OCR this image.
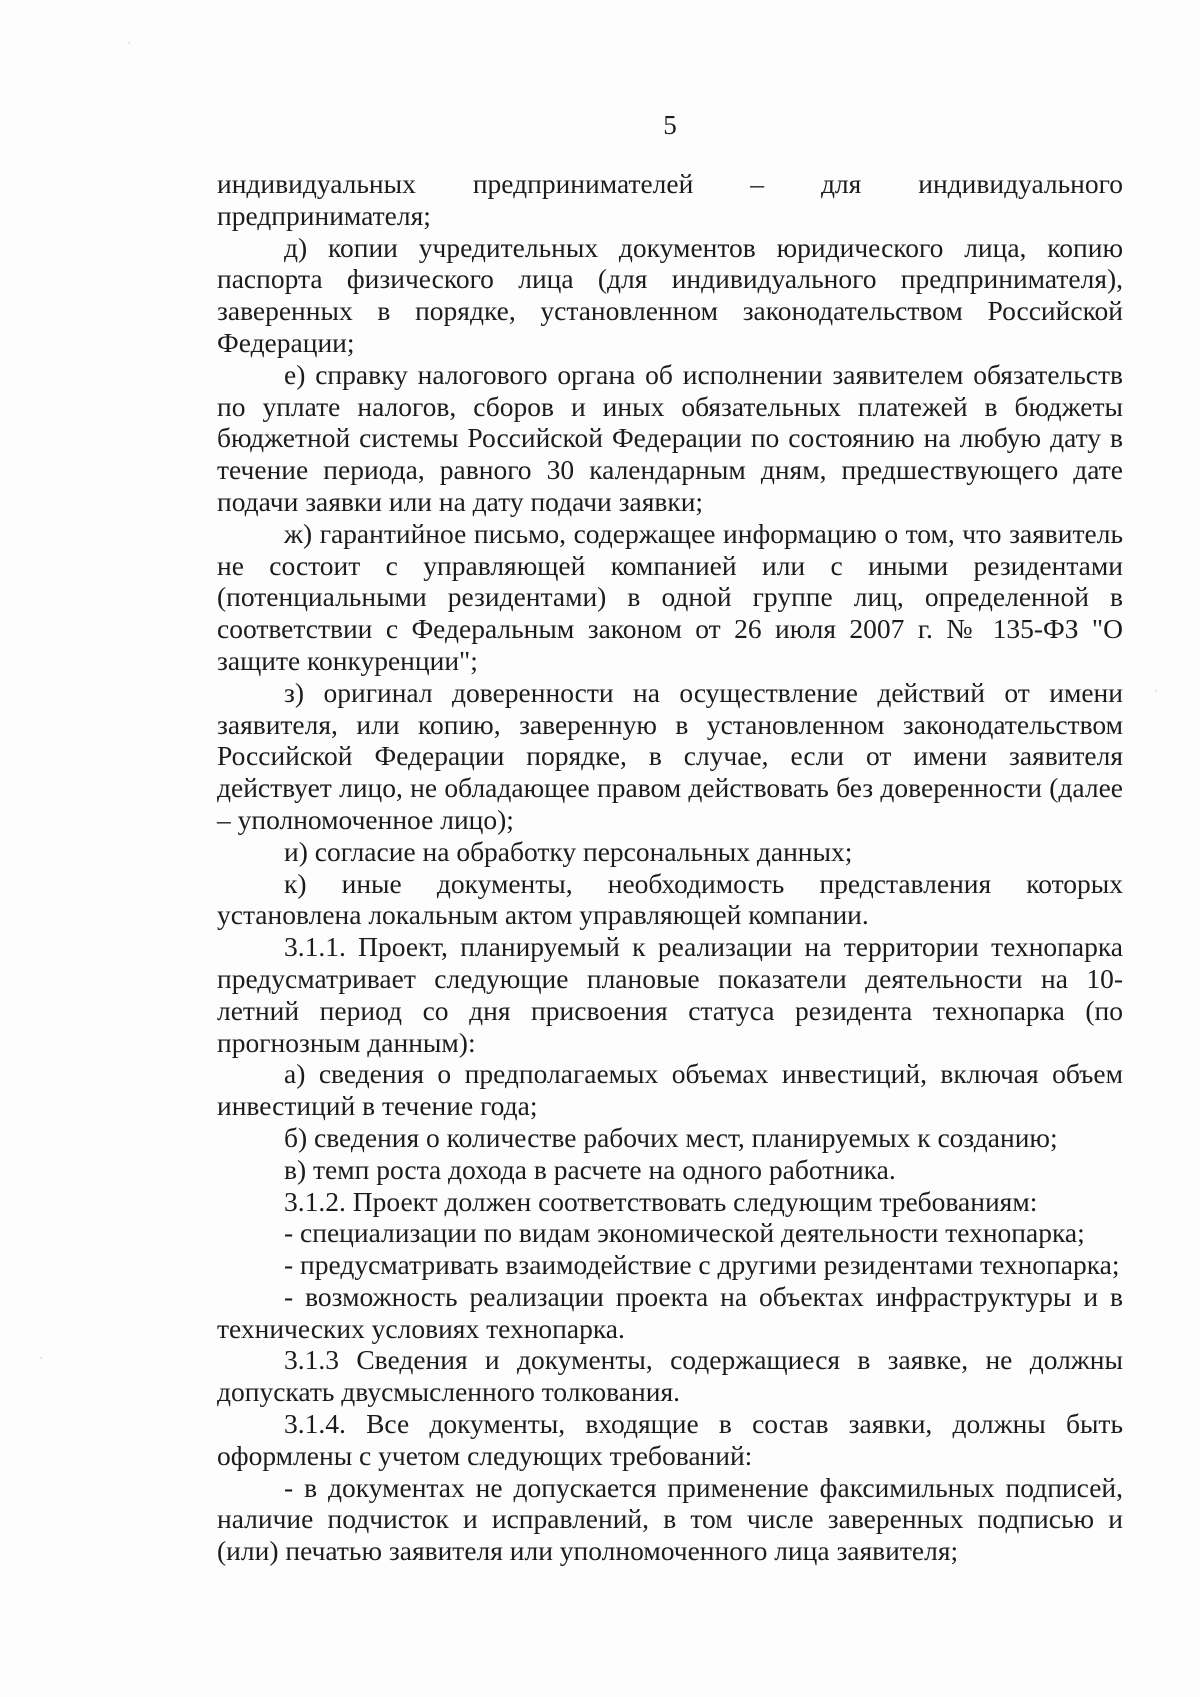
5

индивидуальных предпринимателей – для индивидуального предпринимателя;

д) копии учредительных документов юридического лица, копию паспорта физического лица (для индивидуального предпринимателя), заверенных в порядке, установленном законодательством Российской Федерации;

е) справку налогового органа об исполнении заявителем обязательств по уплате налогов, сборов и иных обязательных платежей в бюджеты бюджетной системы Российской Федерации по состоянию на любую дату в течение периода, равного 30 календарным дням, предшествующего дате подачи заявки или на дату подачи заявки;

ж) гарантийное письмо, содержащее информацию о том, что заявитель не состоит с управляющей компанией или с иными резидентами (потенциальными резидентами) в одной группе лиц, определенной в соответствии с Федеральным законом от 26 июля 2007 г. № 135-ФЗ "О защите конкуренции";

з) оригинал доверенности на осуществление действий от имени заявителя, или копию, заверенную в установленном законодательством Российской Федерации порядке, в случае, если от имени заявителя действует лицо, не обладающее правом действовать без доверенности (далее – уполномоченное лицо);

и) согласие на обработку персональных данных;

к) иные документы, необходимость представления которых установлена локальным актом управляющей компании.

3.1.1. Проект, планируемый к реализации на территории технопарка предусматривает следующие плановые показатели деятельности на 10-летний период со дня присвоения статуса резидента технопарка (по прогнозным данным):

а) сведения о предполагаемых объемах инвестиций, включая объем инвестиций в течение года;

б) сведения о количестве рабочих мест, планируемых к созданию;

в) темп роста дохода в расчете на одного работника.

3.1.2. Проект должен соответствовать следующим требованиям:

- специализации по видам экономической деятельности технопарка;

- предусматривать взаимодействие с другими резидентами технопарка;

- возможность реализации проекта на объектах инфраструктуры и в технических условиях технопарка.

3.1.3 Сведения и документы, содержащиеся в заявке, не должны допускать двусмысленного толкования.

3.1.4. Все документы, входящие в состав заявки, должны быть оформлены с учетом следующих требований:

- в документах не допускается применение факсимильных подписей, наличие подчисток и исправлений, в том числе заверенных подписью и (или) печатью заявителя или уполномоченного лица заявителя;
